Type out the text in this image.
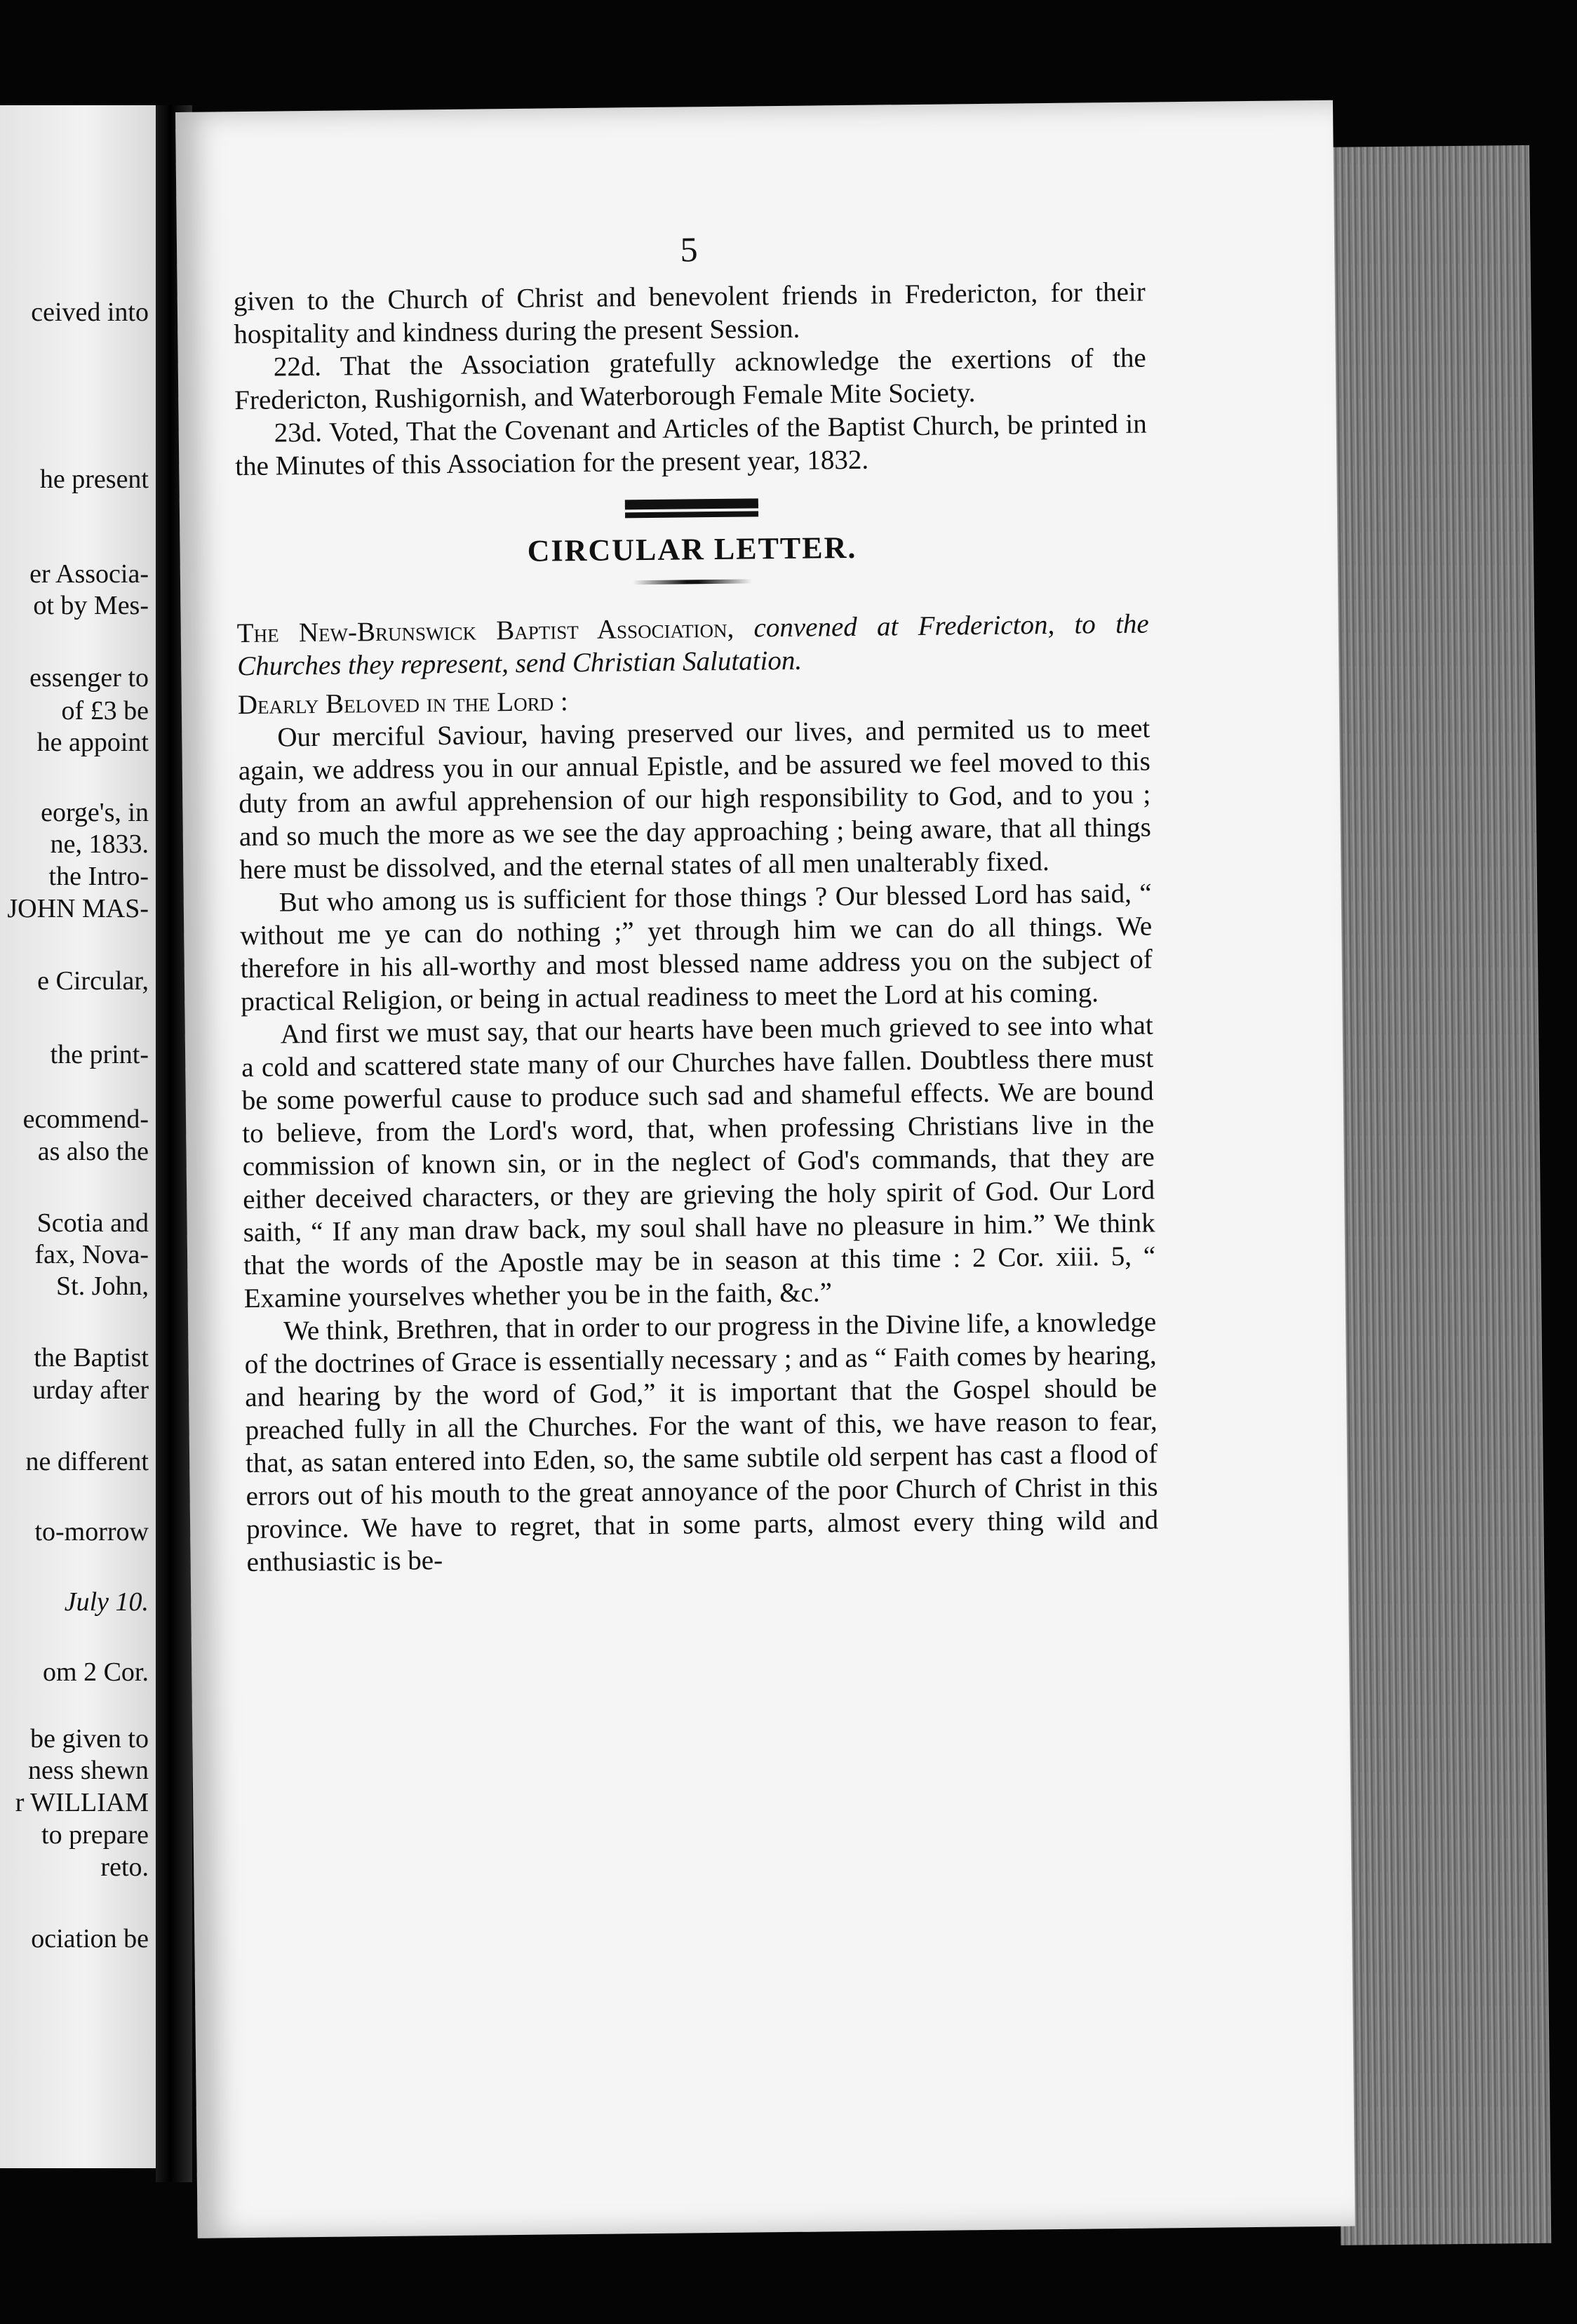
ceived into
he present
er Associa-
ot by Mes-
essenger to
of £3 be
he appoint
eorge's, in
ne, 1833.
the Intro-
JOHN MAS-
e Circular,
the print-
ecommend-
as also the
Scotia and
fax, Nova-
St. John,
the Baptist
urday after
ne different
to-morrow
July 10.
om 2 Cor.
be given to
ness shewn
r WILLIAM
to prepare
reto.
ociation be
5

given to the Church of Christ and benevolent friends in Fredericton, for their hospitality and kindness during the present Session.

22d. That the Association gratefully acknowledge the exertions of the Fredericton, Rushigornish, and Waterborough Female Mite Society.

23d. Voted, That the Covenant and Articles of the Baptist Church, be printed in the Minutes of this Association for the present year, 1832.

CIRCULAR LETTER.

The New-Brunswick Baptist Association, convened at Fredericton, to the Churches they represent, send Christian Salutation.

Dearly Beloved in the Lord :

Our merciful Saviour, having preserved our lives, and permited us to meet again, we address you in our annual Epistle, and be assured we feel moved to this duty from an awful apprehension of our high responsibility to God, and to you ; and so much the more as we see the day approaching ; being aware, that all things here must be dissolved, and the eternal states of all men unalterably fixed.

But who among us is sufficient for those things ? Our blessed Lord has said, “ without me ye can do nothing ;” yet through him we can do all things. We therefore in his all-worthy and most blessed name address you on the subject of practical Religion, or being in actual readiness to meet the Lord at his coming.

And first we must say, that our hearts have been much grieved to see into what a cold and scattered state many of our Churches have fallen. Doubtless there must be some powerful cause to produce such sad and shameful effects. We are bound to believe, from the Lord's word, that, when professing Christians live in the commission of known sin, or in the neglect of God's commands, that they are either deceived characters, or they are grieving the holy spirit of God. Our Lord saith, “ If any man draw back, my soul shall have no pleasure in him.” We think that the words of the Apostle may be in season at this time : 2 Cor. xiii. 5, “ Examine yourselves whether you be in the faith, &c.”

We think, Brethren, that in order to our progress in the Divine life, a knowledge of the doctrines of Grace is essentially necessary ; and as “ Faith comes by hearing, and hearing by the word of God,” it is important that the Gospel should be preached fully in all the Churches. For the want of this, we have reason to fear, that, as satan entered into Eden, so, the same subtile old serpent has cast a flood of errors out of his mouth to the great annoyance of the poor Church of Christ in this province. We have to regret, that in some parts, almost every thing wild and enthusiastic is be-
